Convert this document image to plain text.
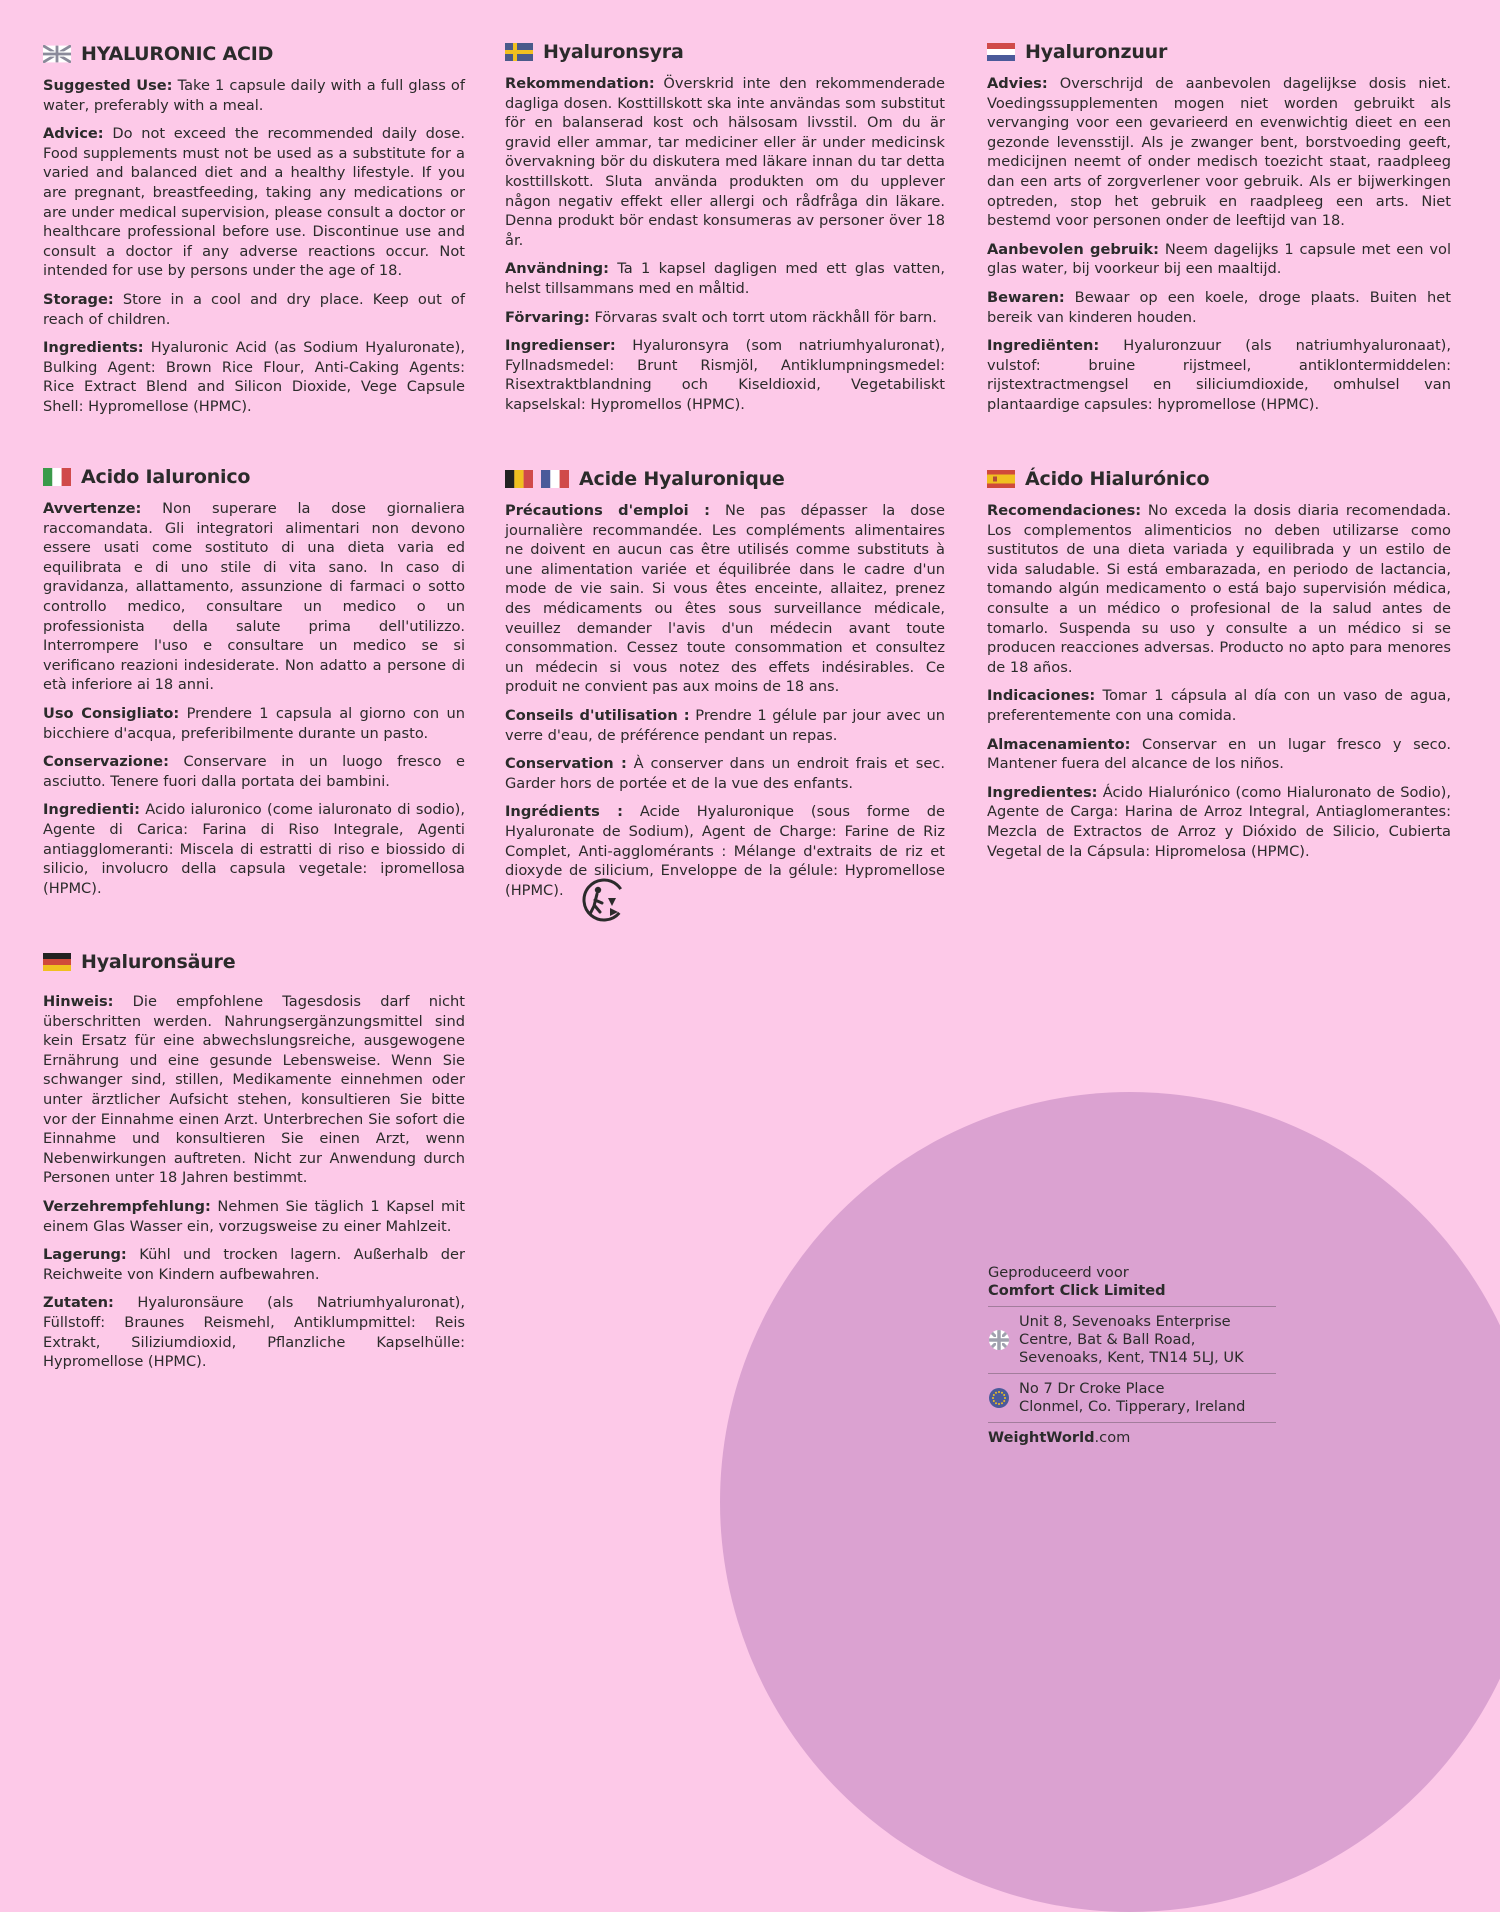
HYALURONIC ACID

Suggested Use: Take 1 capsule daily with a full glass of water, preferably with a meal.

Advice: Do not exceed the recommended daily dose. Food supplements must not be used as a substitute for a varied and balanced diet and a healthy lifestyle. If you are pregnant, breastfeeding, taking any medications or are under medical supervision, please consult a doctor or healthcare professional before use. Discontinue use and consult a doctor if any adverse reactions occur. Not intended for use by persons under the age of 18.

Storage: Store in a cool and dry place. Keep out of reach of children.

Ingredients: Hyaluronic Acid (as Sodium Hyaluronate), Bulking Agent: Brown Rice Flour, Anti-Caking Agents: Rice Extract Blend and Silicon Dioxide, Vege Capsule Shell: Hypromellose (HPMC).

Hyaluronsyra

Rekommendation: Överskrid inte den rekommenderade dagliga dosen. Kosttillskott ska inte användas som substitut för en balanserad kost och hälsosam livsstil. Om du är gravid eller ammar, tar mediciner eller är under medicinsk övervakning bör du diskutera med läkare innan du tar detta kosttillskott. Sluta använda produkten om du upplever någon negativ effekt eller allergi och rådfråga din läkare. Denna produkt bör endast konsumeras av personer över 18 år.

Användning: Ta 1 kapsel dagligen med ett glas vatten, helst tillsammans med en måltid.

Förvaring: Förvaras svalt och torrt utom räckhåll för barn.

Ingredienser: Hyaluronsyra (som natriumhyaluronat), Fyllnadsmedel: Brunt Rismjöl, Antiklumpningsmedel: Risextraktblandning och Kiseldioxid, Vegetabiliskt kapselskal: Hypromellos (HPMC).

Hyaluronzuur

Advies: Overschrijd de aanbevolen dagelijkse dosis niet. Voedingssupplementen mogen niet worden gebruikt als vervanging voor een gevarieerd en evenwichtig dieet en een gezonde levensstijl. Als je zwanger bent, borstvoeding geeft, medicijnen neemt of onder medisch toezicht staat, raadpleeg dan een arts of zorgverlener voor gebruik. Als er bijwerkingen optreden, stop het gebruik en raadpleeg een arts. Niet bestemd voor personen onder de leeftijd van 18.

Aanbevolen gebruik: Neem dagelijks 1 capsule met een vol glas water, bij voorkeur bij een maaltijd.

Bewaren: Bewaar op een koele, droge plaats. Buiten het bereik van kinderen houden.

Ingrediënten: Hyaluronzuur (als natriumhyaluronaat), vulstof: bruine rijstmeel, antiklontermiddelen: rijstextractmengsel en siliciumdioxide, omhulsel van plantaardige capsules: hypromellose (HPMC).

Acido Ialuronico

Avvertenze: Non superare la dose giornaliera raccomandata. Gli integratori alimentari non devono essere usati come sostituto di una dieta varia ed equilibrata e di uno stile di vita sano. In caso di gravidanza, allattamento, assunzione di farmaci o sotto controllo medico, consultare un medico o un professionista della salute prima dell'utilizzo. Interrompere l'uso e consultare un medico se si verificano reazioni indesiderate. Non adatto a persone di età inferiore ai 18 anni.

Uso Consigliato: Prendere 1 capsula al giorno con un bicchiere d'acqua, preferibilmente durante un pasto.

Conservazione: Conservare in un luogo fresco e asciutto. Tenere fuori dalla portata dei bambini.

Ingredienti: Acido ialuronico (come ialuronato di sodio), Agente di Carica: Farina di Riso Integrale, Agenti antiagglomeranti: Miscela di estratti di riso e biossido di silicio, involucro della capsula vegetale: ipromellosa (HPMC).

Acide Hyaluronique

Précautions d'emploi : Ne pas dépasser la dose journalière recommandée. Les compléments alimentaires ne doivent en aucun cas être utilisés comme substituts à une alimentation variée et équilibrée dans le cadre d'un mode de vie sain. Si vous êtes enceinte, allaitez, prenez des médicaments ou êtes sous surveillance médicale, veuillez demander l'avis d'un médecin avant toute consommation. Cessez toute consommation et consultez un médecin si vous notez des effets indésirables. Ce produit ne convient pas aux moins de 18 ans.

Conseils d'utilisation : Prendre 1 gélule par jour avec un verre d'eau, de préférence pendant un repas.

Conservation : À conserver dans un endroit frais et sec. Garder hors de portée et de la vue des enfants.

Ingrédients : Acide Hyaluronique (sous forme de Hyaluronate de Sodium), Agent de Charge: Farine de Riz Complet, Anti-agglomérants : Mélange d'extraits de riz et dioxyde de silicium, Enveloppe de la gélule: Hypromellose (HPMC).

Ácido Hialurónico

Recomendaciones: No exceda la dosis diaria recomendada. Los complementos alimenticios no deben utilizarse como sustitutos de una dieta variada y equilibrada y un estilo de vida saludable. Si está embarazada, en periodo de lactancia, tomando algún medicamento o está bajo supervisión médica, consulte a un médico o profesional de la salud antes de tomarlo. Suspenda su uso y consulte a un médico si se producen reacciones adversas. Producto no apto para menores de 18 años.

Indicaciones: Tomar 1 cápsula al día con un vaso de agua, preferentemente con una comida.

Almacenamiento: Conservar en un lugar fresco y seco. Mantener fuera del alcance de los niños.

Ingredientes: Ácido Hialurónico (como Hialuronato de Sodio), Agente de Carga: Harina de Arroz Integral, Antiaglomerantes: Mezcla de Extractos de Arroz y Dióxido de Silicio, Cubierta Vegetal de la Cápsula: Hipromelosa (HPMC).

Hyaluronsäure

Hinweis: Die empfohlene Tagesdosis darf nicht überschritten werden. Nahrungsergänzungsmittel sind kein Ersatz für eine abwechslungsreiche, ausgewogene Ernährung und eine gesunde Lebensweise. Wenn Sie schwanger sind, stillen, Medikamente einnehmen oder unter ärztlicher Aufsicht stehen, konsultieren Sie bitte vor der Einnahme einen Arzt. Unterbrechen Sie sofort die Einnahme und konsultieren Sie einen Arzt, wenn Nebenwirkungen auftreten. Nicht zur Anwendung durch Personen unter 18 Jahren bestimmt.

Verzehrempfehlung: Nehmen Sie täglich 1 Kapsel mit einem Glas Wasser ein, vorzugsweise zu einer Mahlzeit.

Lagerung: Kühl und trocken lagern. Außerhalb der Reichweite von Kindern aufbewahren.

Zutaten: Hyaluronsäure (als Natriumhyaluronat), Füllstoff: Braunes Reismehl, Antiklumpmittel: Reis Extrakt, Siliziumdioxid, Pflanzliche Kapselhülle: Hypromellose (HPMC).

Geproduceerd voor
Comfort Click Limited
Unit 8, Sevenoaks Enterprise
Centre, Bat & Ball Road,
Sevenoaks, Kent, TN14 5LJ, UK
No 7 Dr Croke Place
Clonmel, Co. Tipperary, Ireland
WeightWorld.com
